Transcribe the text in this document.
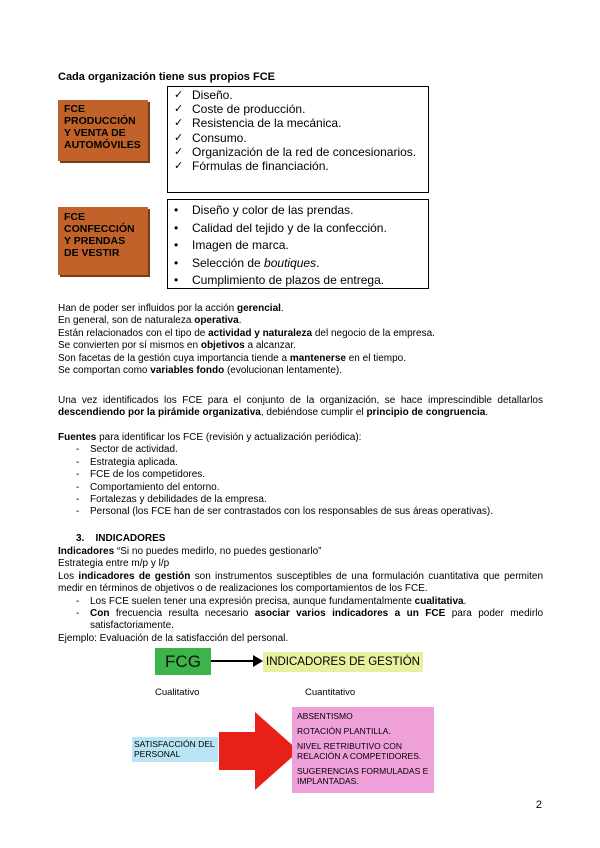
Cada organización tiene sus propios FCE
FCE PRODUCCIÓN Y VENTA DE AUTOMÓVILES
✓ Diseño.
✓ Coste de producción.
✓ Resistencia de la mecánica.
✓ Consumo.
✓ Organización de la red de concesionarios.
✓ Fórmulas de financiación.
FCE CONFECCIÓN Y PRENDAS DE VESTIR
• Diseño y color de las prendas.
• Calidad del tejido y de la confección.
• Imagen de marca.
• Selección de boutiques.
• Cumplimiento de plazos de entrega.
Han de poder ser influidos por la acción gerencial.
En general, son de naturaleza operativa.
Están relacionados con el tipo de actividad y naturaleza del negocio de la empresa.
Se convierten por sí mismos en objetivos a alcanzar.
Son facetas de la gestión cuya importancia tiende a mantenerse en el tiempo.
Se comportan como variables fondo (evolucionan lentamente).
Una vez identificados los FCE para el conjunto de la organización, se hace imprescindible detallarlos descendiendo por la pirámide organizativa, debiéndose cumplir el principio de congruencia.
Fuentes para identificar los FCE (revisión y actualización periódica):
- Sector de actividad.
- Estrategia aplicada.
- FCE de los competidores.
- Comportamiento del entorno.
- Fortalezas y debilidades de la empresa.
- Personal (los FCE han de ser contrastados con los responsables de sus áreas operativas).
3. INDICADORES
Indicadores “Si no puedes medirlo, no puedes gestionarlo”
Estrategia entre m/p y l/p
Los indicadores de gestión son instrumentos susceptibles de una formulación cuantitativa que permiten medir en términos de objetivos o de realizaciones los comportamientos de los FCE.
- Los FCE suelen tener una expresión precisa, aunque fundamentalmente cualitativa.
- Con frecuencia resulta necesario asociar varios indicadores a un FCE para poder medirlo satisfactoriamente.
Ejemplo: Evaluación de la satisfacción del personal.
FCG	INDICADORES DE GESTIÓN
Cualitativo	Cuantitativo
SATISFACCIÓN DEL PERSONAL
ABSENTISMO
ROTACIÓN PLANTILLA.
NIVEL RETRIBUTIVO CON RELACIÓN A COMPETIDORES.
SUGERENCIAS FORMULADAS E IMPLANTADAS.
2
